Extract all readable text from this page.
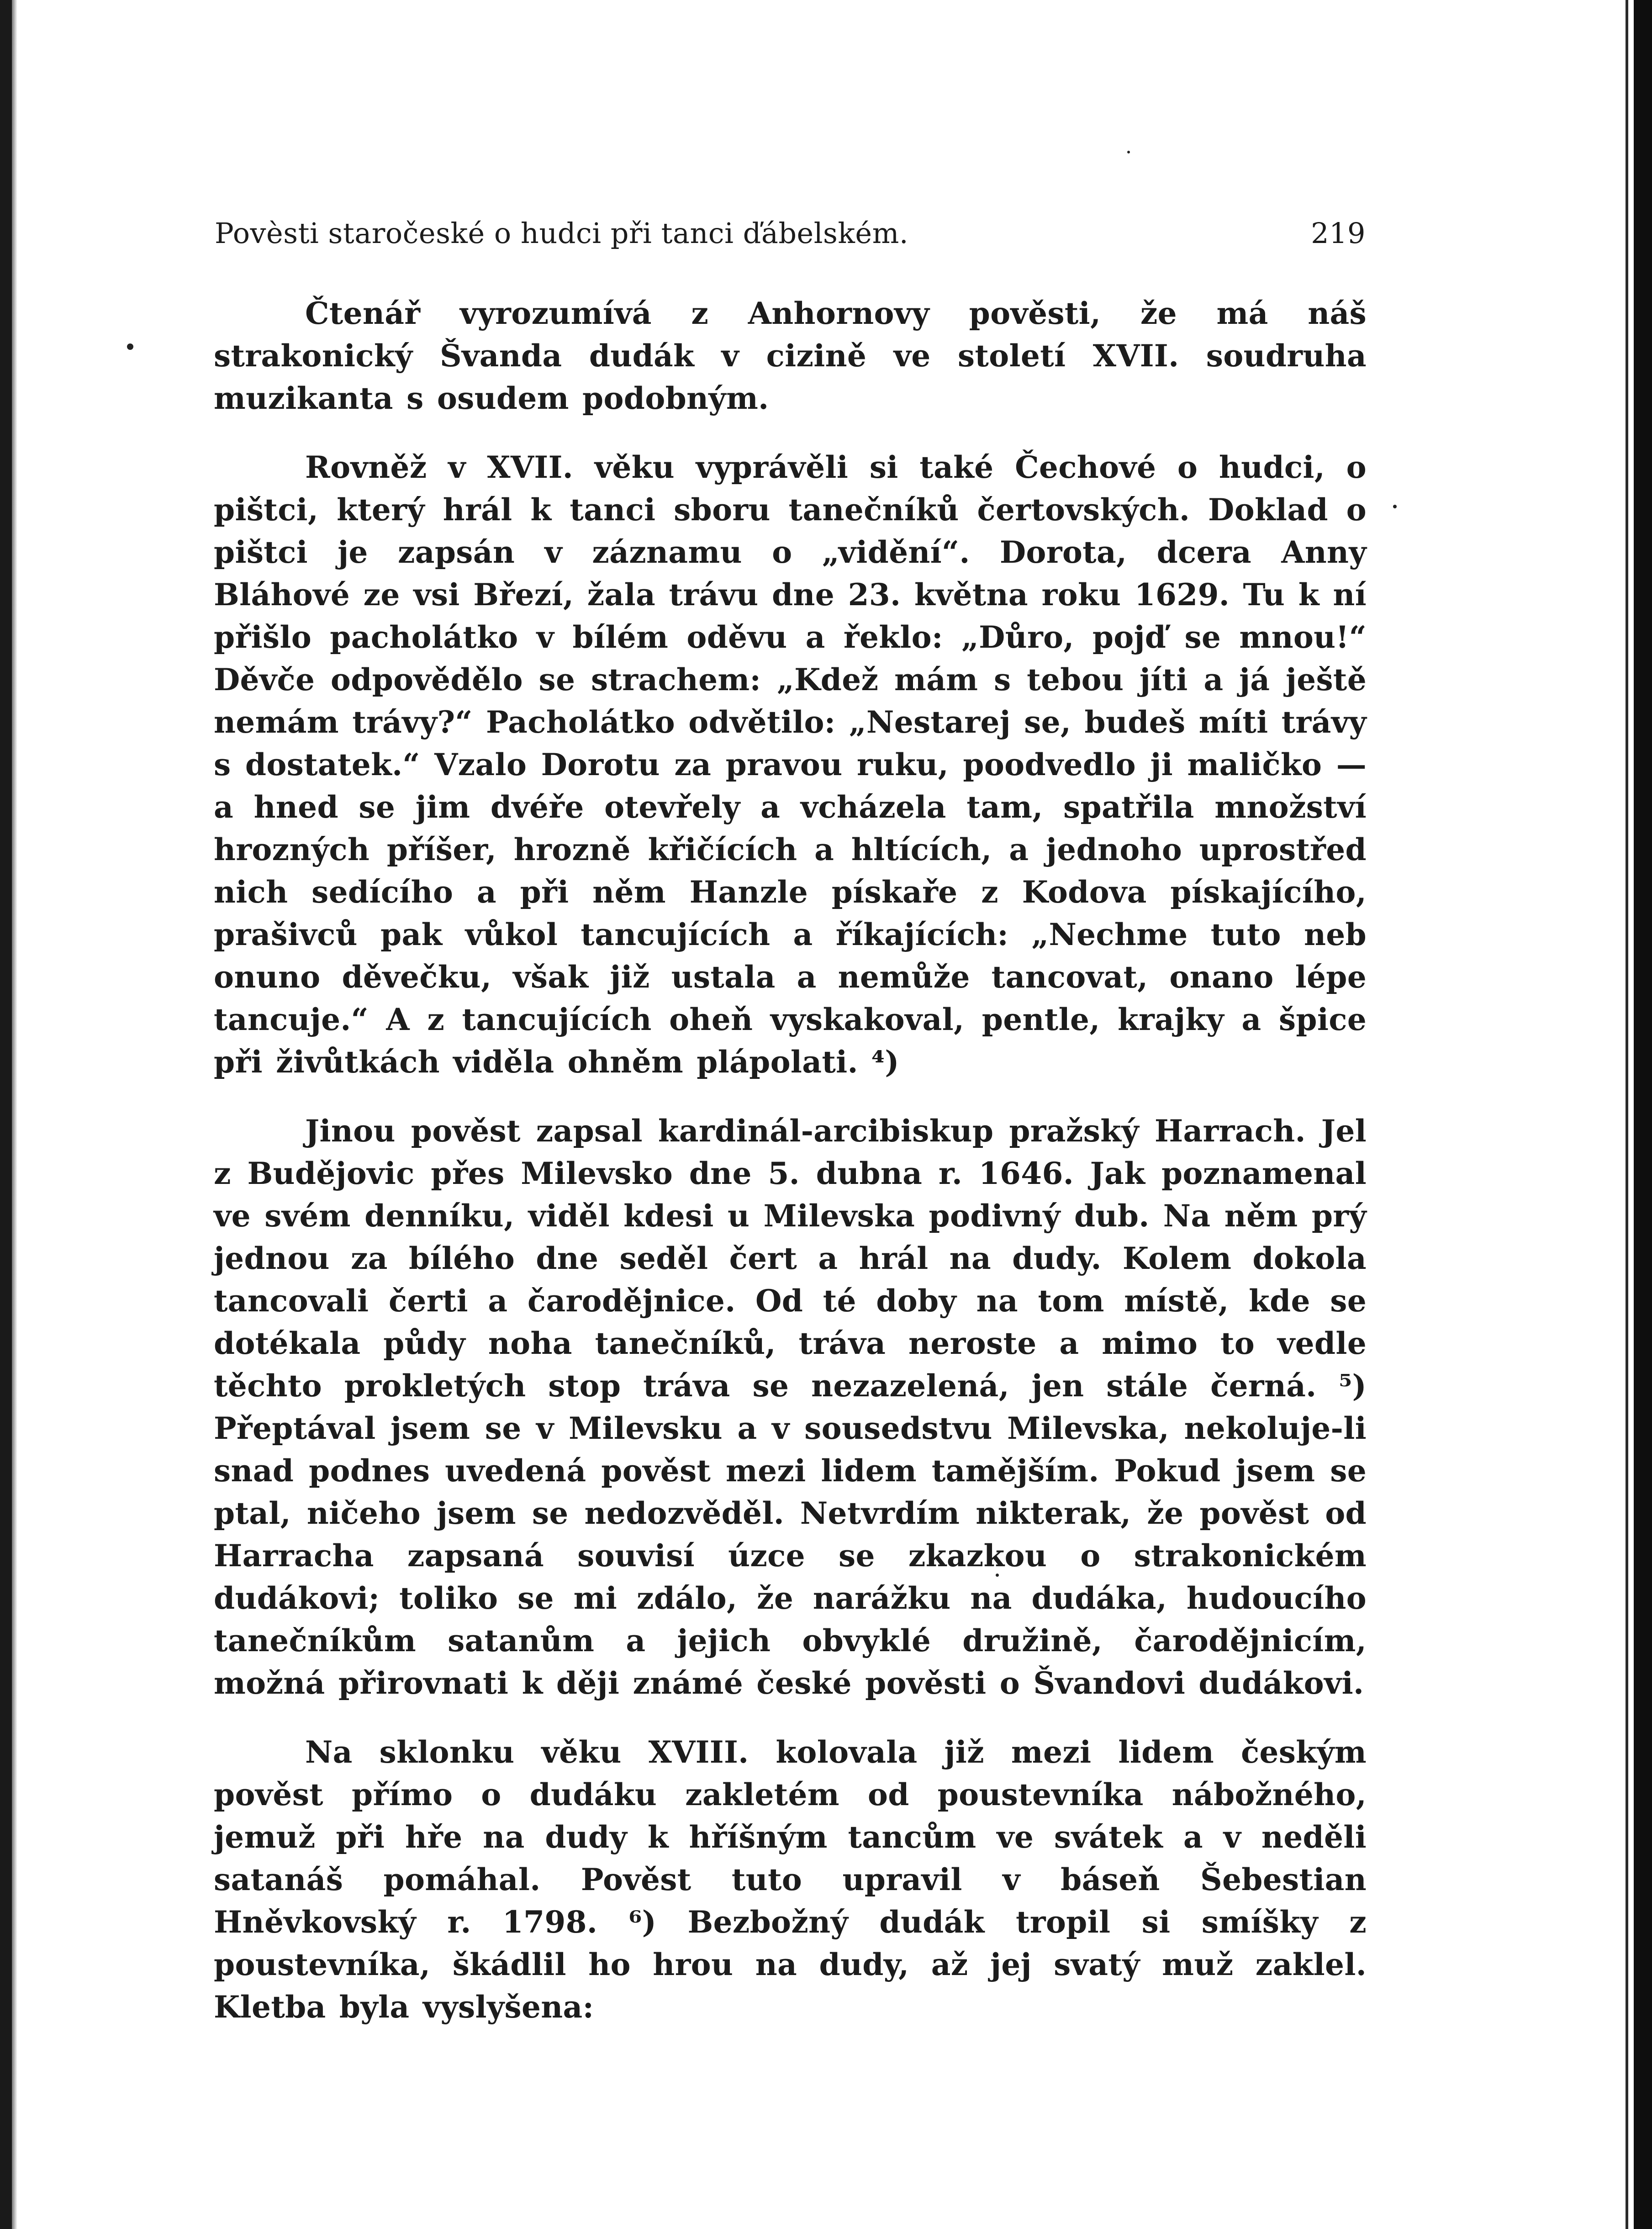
Povèsti staročeské o hudci při tanci ďábelském.	219

Čtenář vyrozumívá z Anhornovy pověsti, že má náš strakonický Švanda dudák v cizině ve století XVII. soudruha muzikanta s osudem podobným.

Rovněž v XVII. věku vyprávěli si také Čechové o hudci, o pištci, který hrál k tanci sboru tanečníků čertovských. Doklad o pištci je zapsán v záznamu o „vidění“. Dorota, dcera Anny Bláhové ze vsi Březí, žala trávu dne 23. května roku 1629. Tu k ní přišlo pacholátko v bílém oděvu a řeklo: „Důro, pojď se mnou!“ Děvče odpovědělo se strachem: „Kdež mám s tebou jíti a já ještě nemám trávy?“ Pacholátko odvětilo: „Nestarej se, budeš míti trávy s dostatek.“ Vzalo Dorotu za pravou ruku, poodvedlo ji maličko — a hned se jim dvéře otevřely a vcházela tam, spatřila množství hrozných příšer, hrozně křičících a hltících, a jednoho uprostřed nich sedícího a při něm Hanzle pískaře z Kodova pískajícího, prašivců pak vůkol tancujících a říkajících: „Nechme tuto neb onuno děvečku, však již ustala a nemůže tancovat, onano lépe tancuje.“ A z tancujících oheň vyskakoval, pentle, krajky a špice při živůtkách viděla ohněm plápolati. ⁴)

Jinou pověst zapsal kardinál-arcibiskup pražský Harrach. Jel z Budějovic přes Milevsko dne 5. dubna r. 1646. Jak poznamenal ve svém denníku, viděl kdesi u Milevska podivný dub. Na něm prý jednou za bílého dne seděl čert a hrál na dudy. Kolem dokola tancovali čerti a čarodějnice. Od té doby na tom místě, kde se dotékala půdy noha tanečníků, tráva neroste a mimo to vedle těchto prokletých stop tráva se nezazelená, jen stále černá. ⁵) Přeptával jsem se v Milevsku a v sousedstvu Milevska, nekoluje-li snad podnes uvedená pověst mezi lidem tamějším. Pokud jsem se ptal, ničeho jsem se nedozvěděl. Netvrdím nikterak, že pověst od Harracha zapsaná souvisí úzce se zkazkou o strakonickém dudákovi; toliko se mi zdálo, že narážku na dudáka, hudoucího tanečníkům satanům a jejich obvyklé družině, čarodějnicím, možná přirovnati k ději známé české pověsti o Švandovi dudákovi.

Na sklonku věku XVIII. kolovala již mezi lidem českým pověst přímo o dudáku zakletém od poustevníka nábožného, jemuž při hře na dudy k hříšným tancům ve svátek a v neděli satanáš pomáhal. Pověst tuto upravil v báseň Šebestian Hněvkovský r. 1798. ⁶) Bezbožný dudák tropil si smíšky z poustevníka, škádlil ho hrou na dudy, až jej svatý muž zaklel. Kletba byla vyslyšena:
